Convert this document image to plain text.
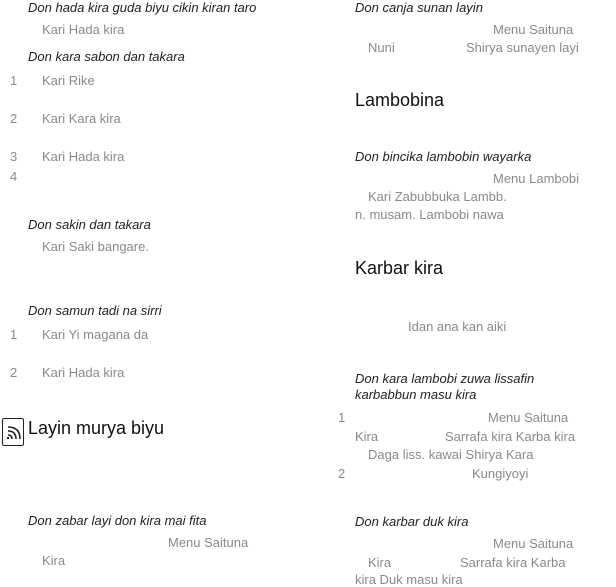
Don hada kira guda biyu cikin kiran taro
Kari Hada kira
Don kara sabon dan takara
1 Kari Rike
2 Kari Kara kira
3 Kari Hada kira
4
Don sakin dan takara
Kari Saki bangare.
Don samun tadi na sirri
1 Kari Yi magana da
2 Kari Hada kira
Layin murya biyu
Don zabar layi don kira mai fita
Menu Saituna
Kira
Don canja sunan layin
Menu Saituna
Nuni	Shirya sunayen layi
Lambobina
Don bincika lambobin wayarka
Menu Lambobi
Kari Zabubbuka Lambb.
n. musam. Lambobi nawa
Karbar kira
Idan ana kan aiki
Don kara lambobi zuwa lissafin
karbabbun masu kira
1	Menu Saituna
Kira	Sarrafa kira Karba kira
Daga liss. kawai Shirya Kara
2	Kungiyoyi
Don karbar duk kira
Menu Saituna
Kira	Sarrafa kira Karba
kira Duk masu kira
